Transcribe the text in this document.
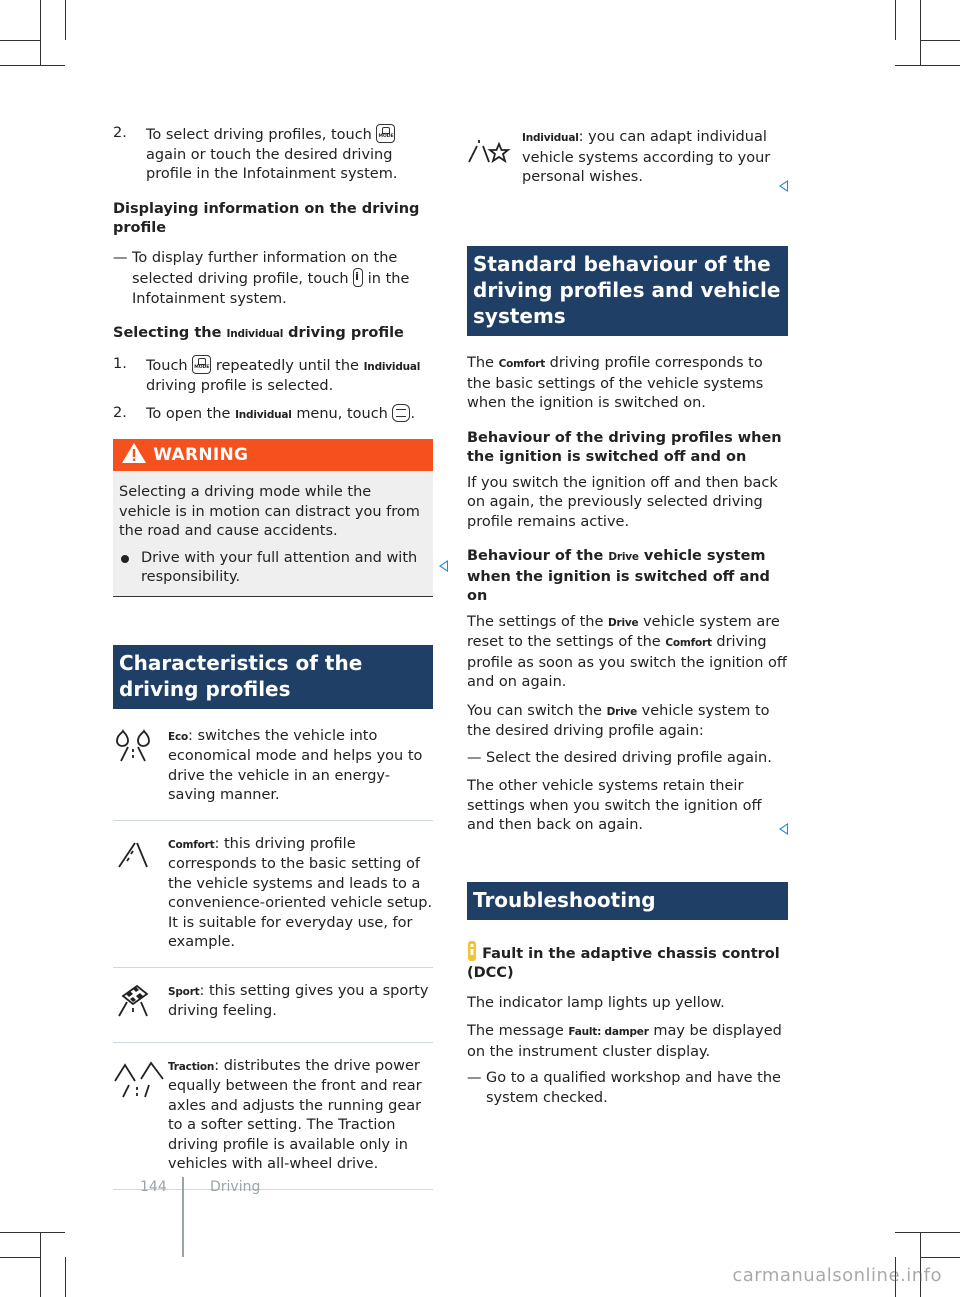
2. To select driving profiles, touch MODE again or touch the desired driving profile in the Infotainment system.

Displaying information on the driving profile

— To display further information on the selected driving profile, touch i in the Infotainment system.

Selecting the Individual driving profile

1. Touch MODE repeatedly until the Individual driving profile is selected.

2. To open the Individual menu, touch .

WARNING

Selecting a driving mode while the vehicle is in motion can distract you from the road and cause accidents.

Drive with your full attention and with responsibility.

Characteristics of the driving profiles
Eco: switches the vehicle into economical mode and helps you to drive the vehicle in an energy-saving manner.
Comfort: this driving profile corresponds to the basic setting of the vehicle systems and leads to a convenience-oriented vehicle setup. It is suitable for everyday use, for example.
Sport: this setting gives you a sporty driving feeling.
Traction: distributes the drive power equally between the front and rear axles and adjusts the running gear to a softer setting. The Traction driving profile is available only in vehicles with all-wheel drive.
Individual: you can adapt individual vehicle systems according to your personal wishes.
Standard behaviour of the driving profiles and vehicle systems

The Comfort driving profile corresponds to the basic settings of the vehicle systems when the ignition is switched on.

Behaviour of the driving profiles when the ignition is switched off and on

If you switch the ignition off and then back on again, the previously selected driving profile remains active.

Behaviour of the Drive vehicle system when the ignition is switched off and on

The settings of the Drive vehicle system are reset to the settings of the Comfort driving profile as soon as you switch the ignition off and on again.

You can switch the Drive vehicle system to the desired driving profile again:

— Select the desired driving profile again.

The other vehicle systems retain their settings when you switch the ignition off and then back on again.

Troubleshooting

Fault in the adaptive chassis control (DCC)

The indicator lamp lights up yellow.

The message Fault: damper may be displayed on the instrument cluster display.

— Go to a qualified workshop and have the system checked.

144	Driving
carmanualsonline.info
